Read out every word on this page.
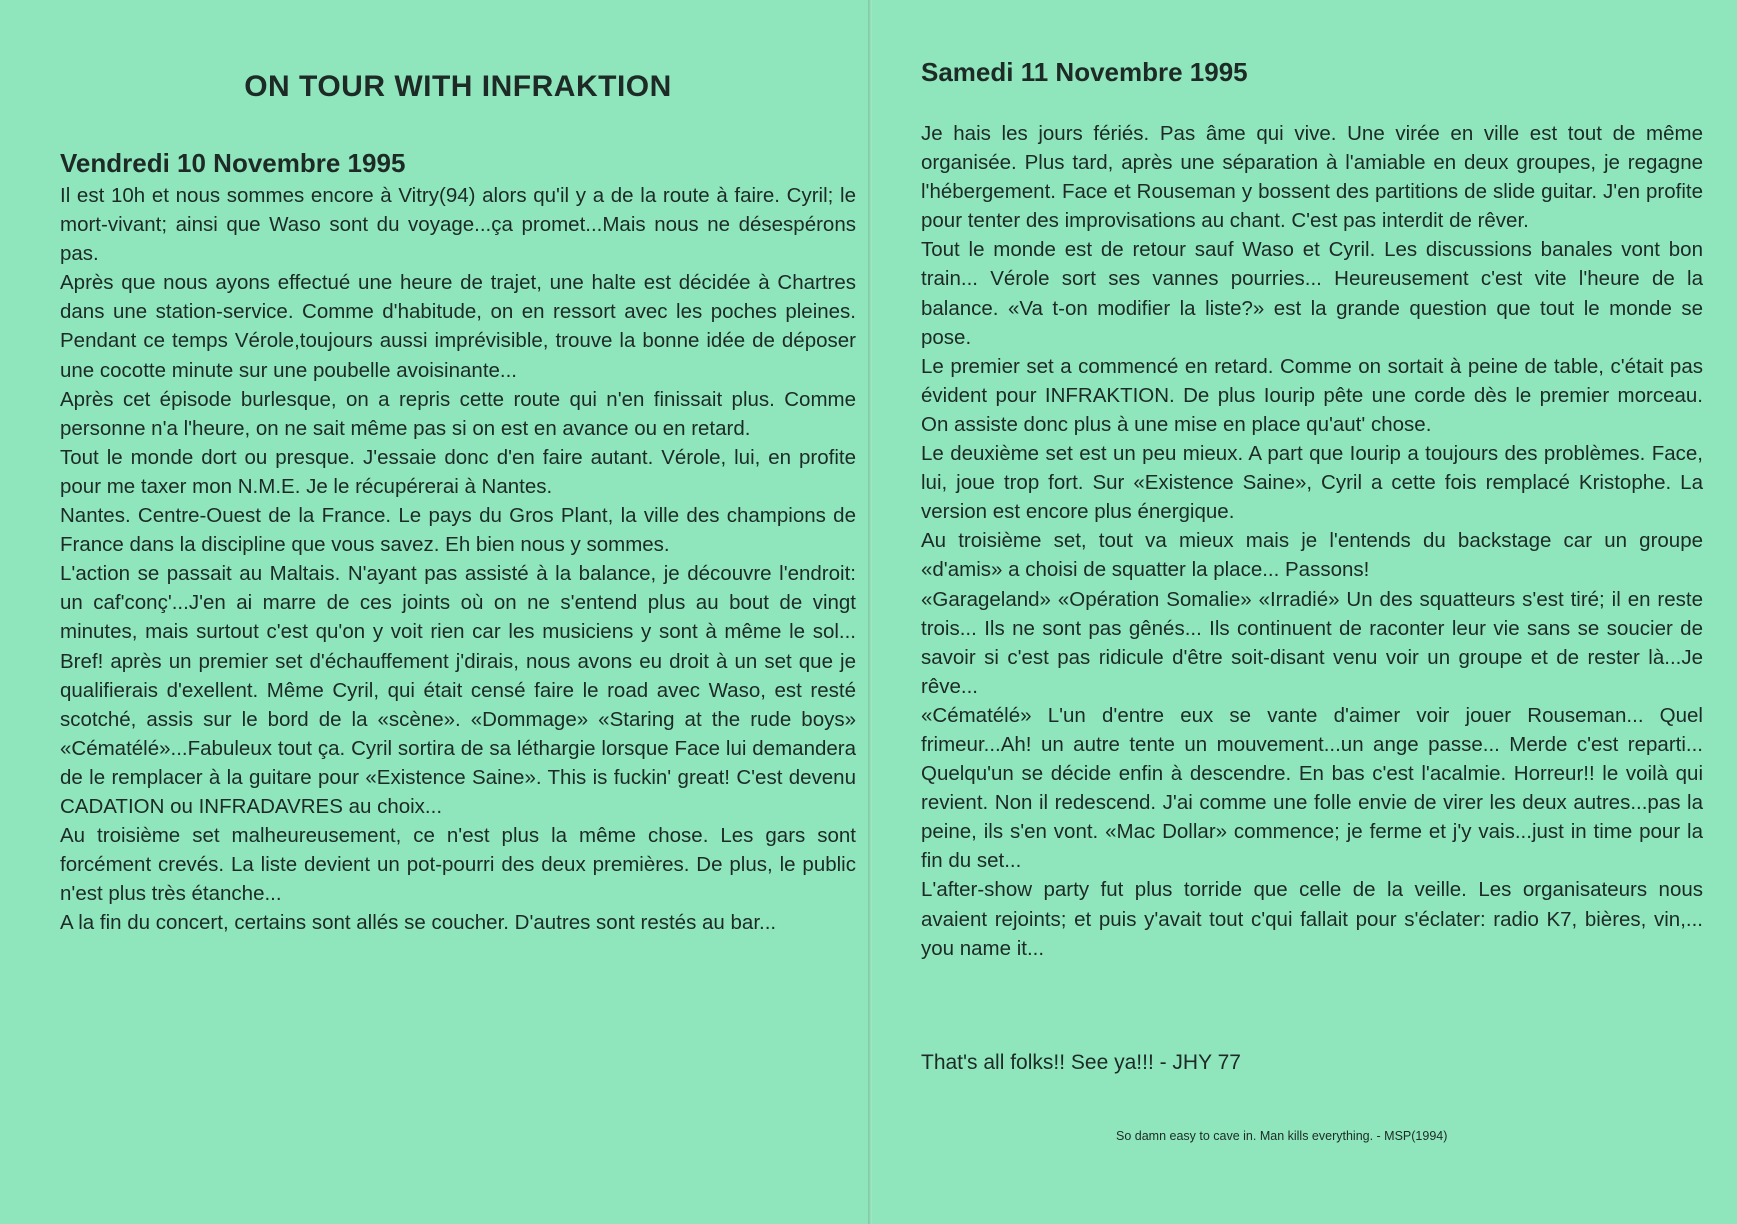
ON TOUR WITH INFRAKTION
Vendredi 10 Novembre 1995

Il est 10h et nous sommes encore à Vitry(94) alors qu'il y a de la route à faire. Cyril; le mort-vivant; ainsi que Waso sont du voyage...ça promet...Mais nous ne désespérons pas.

Après que nous ayons effectué une heure de trajet, une halte est décidée à Chartres dans une station-service. Comme d'habitude, on en ressort avec les poches pleines. Pendant ce temps Vérole,toujours aussi imprévisible, trouve la bonne idée de déposer une cocotte minute sur une poubelle avoisinante...

Après cet épisode burlesque, on a repris cette route qui n'en finissait plus. Comme personne n'a l'heure, on ne sait même pas si on est en avance ou en retard.

Tout le monde dort ou presque. J'essaie donc d'en faire autant. Vérole, lui, en profite pour me taxer mon N.M.E. Je le récupérerai à Nantes.

Nantes. Centre-Ouest de la France. Le pays du Gros Plant, la ville des champions de France dans la discipline que vous savez. Eh bien nous y sommes.

L'action se passait au Maltais. N'ayant pas assisté à la balance, je découvre l'endroit: un caf'conç'...J'en ai marre de ces joints où on ne s'entend plus au bout de vingt minutes, mais surtout c'est qu'on y voit rien car les musiciens y sont à même le sol... Bref! après un premier set d'échauffement j'dirais, nous avons eu droit à un set que je qualifierais d'exellent. Même Cyril, qui était censé faire le road avec Waso, est resté scotché, assis sur le bord de la «scène». «Dommage» «Staring at the rude boys» «Cématélé»...Fabuleux tout ça. Cyril sortira de sa léthargie lorsque Face lui demandera de le remplacer à la guitare pour «Existence Saine». This is fuckin' great! C'est devenu CADATION ou INFRADAVRES au choix...

Au troisième set malheureusement, ce n'est plus la même chose. Les gars sont forcément crevés. La liste devient un pot-pourri des deux premières. De plus, le public n'est plus très étanche...

A la fin du concert, certains sont allés se coucher. D'autres sont restés au bar...

Samedi 11 Novembre 1995

Je hais les jours fériés. Pas âme qui vive. Une virée en ville est tout de même organisée. Plus tard, après une séparation à l'amiable en deux groupes, je regagne l'hébergement. Face et Rouseman y bossent des partitions de slide guitar. J'en profite pour tenter des improvisations au chant. C'est pas interdit de rêver.

Tout le monde est de retour sauf Waso et Cyril. Les discussions banales vont bon train... Vérole sort ses vannes pourries... Heureusement c'est vite l'heure de la balance. «Va t-on modifier la liste?» est la grande question que tout le monde se pose.

Le premier set a commencé en retard. Comme on sortait à peine de table, c'était pas évident pour INFRAKTION. De plus Iourip pête une corde dès le premier morceau. On assiste donc plus à une mise en place qu'aut' chose.

Le deuxième set est un peu mieux. A part que Iourip a toujours des problèmes. Face, lui, joue trop fort. Sur «Existence Saine», Cyril a cette fois remplacé Kristophe. La version est encore plus énergique.

Au troisième set, tout va mieux mais je l'entends du backstage car un groupe «d'amis» a choisi de squatter la place... Passons!

«Garageland» «Opération Somalie» «Irradié» Un des squatteurs s'est tiré; il en reste trois... Ils ne sont pas gênés... Ils continuent de raconter leur vie sans se soucier de savoir si c'est pas ridicule d'être soit-disant venu voir un groupe et de rester là...Je rêve...

«Cématélé» L'un d'entre eux se vante d'aimer voir jouer Rouseman... Quel frimeur...Ah! un autre tente un mouvement...un ange passe... Merde c'est reparti... Quelqu'un se décide enfin à descendre. En bas c'est l'acalmie. Horreur!! le voilà qui revient. Non il redescend. J'ai comme une folle envie de virer les deux autres...pas la peine, ils s'en vont. «Mac Dollar» commence; je ferme et j'y vais...just in time pour la fin du set...

L'after-show party fut plus torride que celle de la veille. Les organisateurs nous avaient rejoints; et puis y'avait tout c'qui fallait pour s'éclater: radio K7, bières, vin,... you name it...

That's all folks!! See ya!!! - JHY 77
So damn easy to cave in. Man kills everything. - MSP(1994)
